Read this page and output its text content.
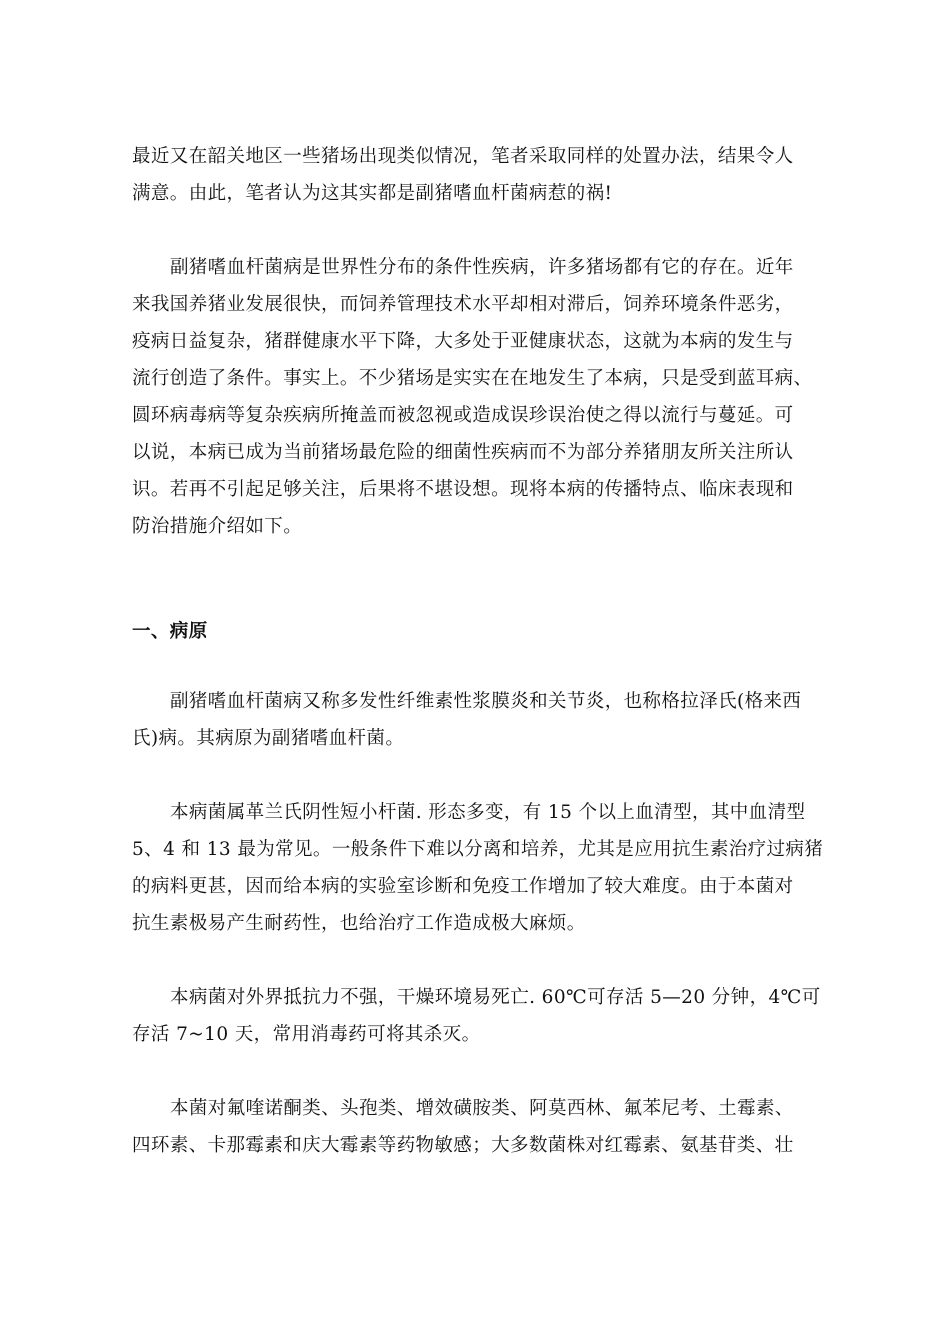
最近又在韶关地区一些猪场出现类似情况，笔者采取同样的处置办法，结果令人
满意。由此，笔者认为这其实都是副猪嗜血杆菌病惹的祸!
副猪嗜血杆菌病是世界性分布的条件性疾病，许多猪场都有它的存在。近年
来我国养猪业发展很快，而饲养管理技术水平却相对滞后，饲养环境条件恶劣，
疫病日益复杂，猪群健康水平下降，大多处于亚健康状态，这就为本病的发生与
流行创造了条件。事实上。不少猪场是实实在在地发生了本病，只是受到蓝耳病、
圆环病毒病等复杂疾病所掩盖而被忽视或造成误珍误治使之得以流行与蔓延。可
以说，本病已成为当前猪场最危险的细菌性疾病而不为部分养猪朋友所关注所认
识。若再不引起足够关注，后果将不堪设想。现将本病的传播特点、临床表现和
防治措施介绍如下。
一、病原
副猪嗜血杆菌病又称多发性纤维素性浆膜炎和关节炎，也称格拉泽氏(格来西
氏)病。其病原为副猪嗜血杆菌。
本病菌属革兰氏阴性短小杆菌. 形态多变，有 15 个以上血清型，其中血清型
5、4 和 13 最为常见。一般条件下难以分离和培养，尤其是应用抗生素治疗过病猪
的病料更甚，因而给本病的实验室诊断和免疫工作增加了较大难度。由于本菌对
抗生素极易产生耐药性，也给治疗工作造成极大麻烦。
本病菌对外界抵抗力不强，干燥环境易死亡. 60℃可存活 5—20 分钟，4℃可
存活 7~10 天，常用消毒药可将其杀灭。
本菌对氟喹诺酮类、头孢类、增效磺胺类、阿莫西林、氟苯尼考、土霉素、
四环素、卡那霉素和庆大霉素等药物敏感；大多数菌株对红霉素、氨基苷类、壮
